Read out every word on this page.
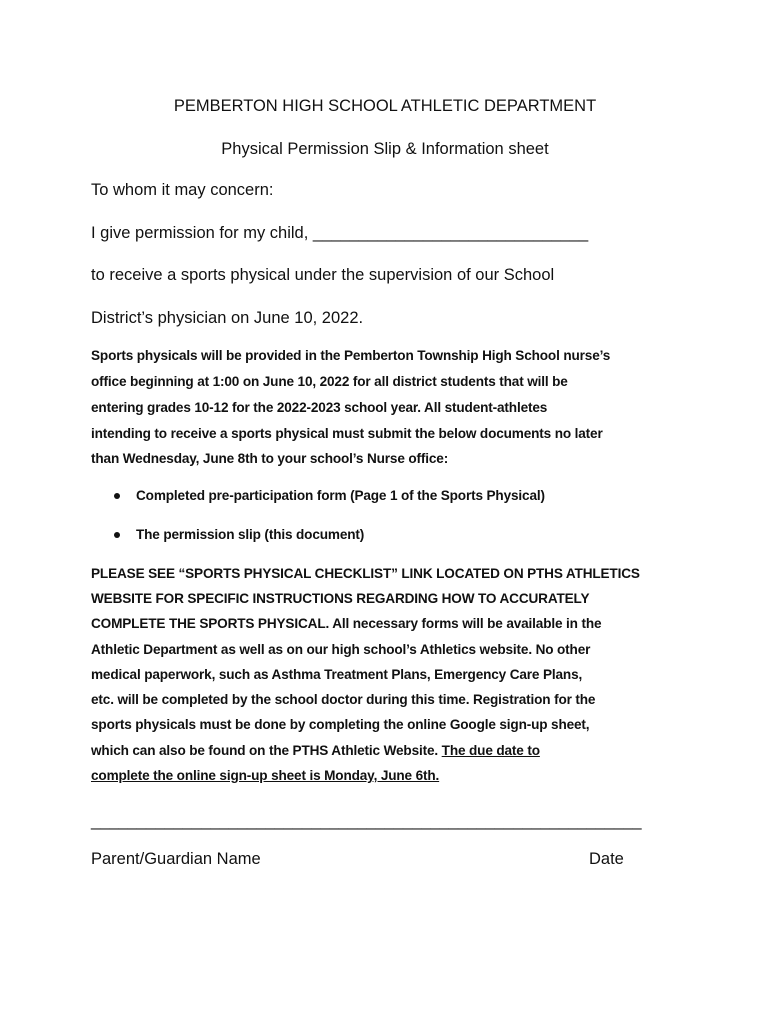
PEMBERTON HIGH SCHOOL ATHLETIC DEPARTMENT
Physical Permission Slip & Information sheet
To whom it may concern:
I give permission for my child, ______________________________
to receive a sports physical under the supervision of our School
District’s physician on June 10, 2022.
Sports physicals will be provided in the Pemberton Township High School nurse’s
office beginning at 1:00 on June 10, 2022 for all district students that will be
entering grades 10-12 for the 2022-2023 school year. All student-athletes
intending to receive a sports physical must submit the below documents no later
than Wednesday, June 8th to your school’s Nurse office:
Completed pre-participation form (Page 1 of the Sports Physical)
The permission slip (this document)
PLEASE SEE “SPORTS PHYSICAL CHECKLIST” LINK LOCATED ON PTHS ATHLETICS
WEBSITE FOR SPECIFIC INSTRUCTIONS REGARDING HOW TO ACCURATELY
COMPLETE THE SPORTS PHYSICAL. All necessary forms will be available in the
Athletic Department as well as on our high school’s Athletics website. No other
medical paperwork, such as Asthma Treatment Plans, Emergency Care Plans,
etc. will be completed by the school doctor during this time. Registration for the
sports physicals must be done by completing the online Google sign-up sheet,
which can also be found on the PTHS Athletic Website. The due date to
complete the online sign-up sheet is Monday, June 6th.
____________________________________________________________
Parent/Guardian Name	Date
